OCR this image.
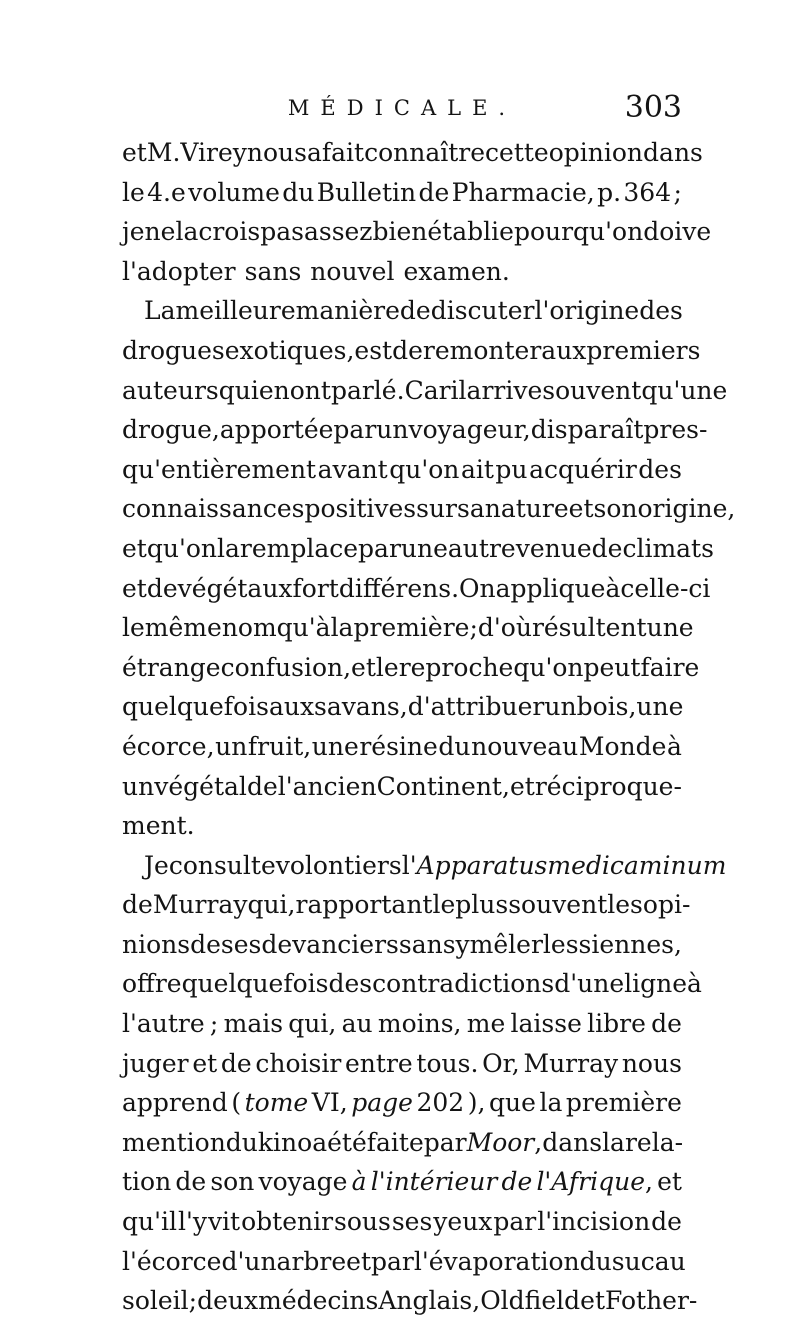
MÉDICALE.	303
et M. Virey nous a fait connaître cette opinion dans
le 4.e volume du Bulletin de Pharmacie, p. 364 ;
je ne la crois pas assez bien établie pour qu'on doive
l'adopter sans nouvel examen.
La meilleure manière de discuter l'origine des
drogues exotiques, est de remonter aux premiers
auteurs qui en ont parlé. Car il arrive souvent qu'une
drogue, apportée par un voyageur, disparaît pres-
qu'entièrement avant qu'on ait pu acquérir des
connaissances positives sur sa nature et son origine,
et qu'on la remplace par une autre venue de climats
et de végétaux fort différens. On applique à celle-ci
le même nom qu'à la première ; d'où résultent une
étrange confusion, et le reproche qu'on peut faire
quelquefois aux savans, d'attribuer un bois, une
écorce, un fruit, une résine du nouveau Monde à
un végétal de l'ancien Continent, et réciproque-
ment.
Je consulte volontiers l'Apparatus medicaminum
de Murray qui, rapportant le plus souvent les opi-
nions de ses devanciers sans y mêler les siennes,
offre quelquefois des contradictions d'une ligne à
l'autre ; mais qui, au moins, me laisse libre de
juger et de choisir entre tous. Or, Murray nous
apprend ( tome VI, page 202 ), que la première
mention du kino a été faite par Moor, dans la rela-
tion de son voyage à l'intérieur de l'Afrique, et
qu'il l'y vit obtenir sous ses yeux par l'incision de
l'écorce d'un arbre et par l'évaporation du suc au
soleil ; deux médecins Anglais, Oldfield et Fother-
